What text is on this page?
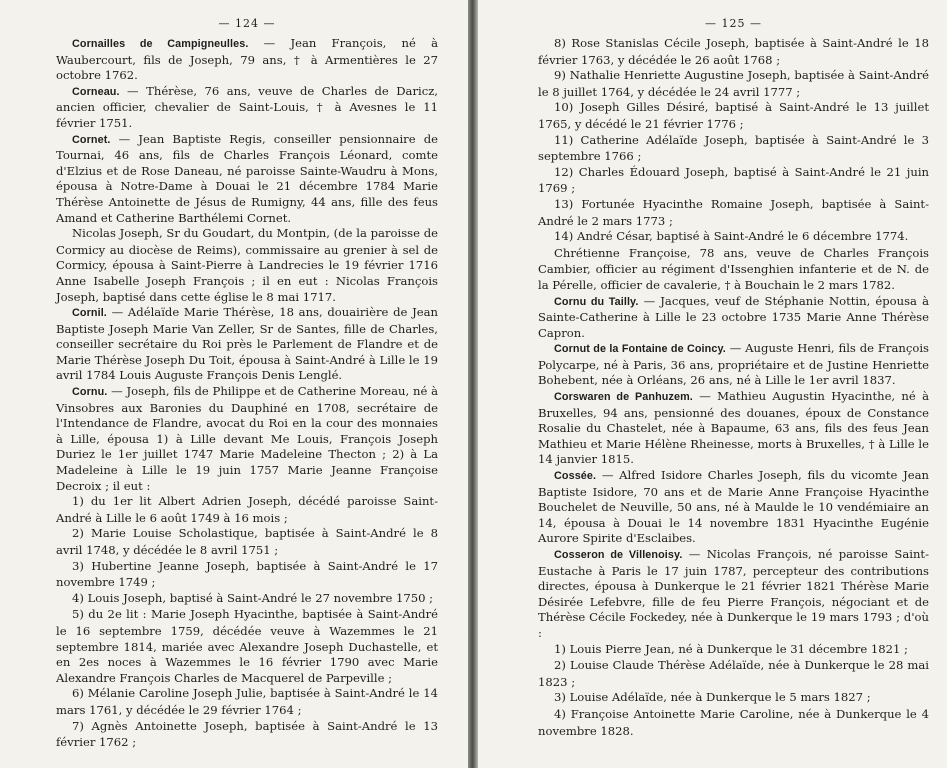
— 124 —

Cornailles de Campigneulles. — Jean François, né à Waubercourt, fils de Joseph, 79 ans, † à Armentières le 27 octobre 1762.

Corneau. — Thérèse, 76 ans, veuve de Charles de Daricz, ancien officier, chevalier de Saint-Louis, † à Avesnes le 11 février 1751.

Cornet. — Jean Baptiste Regis, conseiller pensionnaire de Tournai, 46 ans, fils de Charles François Léonard, comte d'Elzius et de Rose Daneau, né paroisse Sainte-Waudru à Mons, épousa à Notre-Dame à Douai le 21 décembre 1784 Marie Thérèse Antoinette de Jésus de Rumigny, 44 ans, fille des feus Amand et Catherine Barthélemi Cornet.

Nicolas Joseph, Sr du Goudart, du Montpin, (de la paroisse de Cormicy au diocèse de Reims), commissaire au grenier à sel de Cormicy, épousa à Saint-Pierre à Landrecies le 19 février 1716 Anne Isabelle Joseph François ; il en eut : Nicolas François Joseph, baptisé dans cette église le 8 mai 1717.

Cornil. — Adélaïde Marie Thérèse, 18 ans, douairière de Jean Baptiste Joseph Marie Van Zeller, Sr de Santes, fille de Charles, conseiller secrétaire du Roi près le Parlement de Flandre et de Marie Thérèse Joseph Du Toit, épousa à Saint-André à Lille le 19 avril 1784 Louis Auguste François Denis Lenglé.

Cornu. — Joseph, fils de Philippe et de Catherine Moreau, né à Vinsobres aux Baronies du Dauphiné en 1708, secrétaire de l'Intendance de Flandre, avocat du Roi en la cour des monnaies à Lille, épousa 1) à Lille devant Me Louis, François Joseph Duriez le 1er juillet 1747 Marie Madeleine Thecton ; 2) à La Madeleine à Lille le 19 juin 1757 Marie Jeanne Françoise Decroix ; il eut :

1) du 1er lit Albert Adrien Joseph, décédé paroisse Saint-André à Lille le 6 août 1749 à 16 mois ;

2) Marie Louise Scholastique, baptisée à Saint-André le 8 avril 1748, y décédée le 8 avril 1751 ;

3) Hubertine Jeanne Joseph, baptisée à Saint-André le 17 novembre 1749 ;

4) Louis Joseph, baptisé à Saint-André le 27 novembre 1750 ;

5) du 2e lit : Marie Joseph Hyacinthe, baptisée à Saint-André le 16 septembre 1759, décédée veuve à Wazemmes le 21 septembre 1814, mariée avec Alexandre Joseph Duchastelle, et en 2es noces à Wazemmes le 16 février 1790 avec Marie Alexandre François Charles de Macquerel de Parpeville ;

6) Mélanie Caroline Joseph Julie, baptisée à Saint-André le 14 mars 1761, y décédée le 29 février 1764 ;

7) Agnès Antoinette Joseph, baptisée à Saint-André le 13 février 1762 ;

— 125 —

8) Rose Stanislas Cécile Joseph, baptisée à Saint-André le 18 février 1763, y décédée le 26 août 1768 ;

9) Nathalie Henriette Augustine Joseph, baptisée à Saint-André le 8 juillet 1764, y décédée le 24 avril 1777 ;

10) Joseph Gilles Désiré, baptisé à Saint-André le 13 juillet 1765, y décédé le 21 février 1776 ;

11) Catherine Adélaïde Joseph, baptisée à Saint-André le 3 septembre 1766 ;

12) Charles Édouard Joseph, baptisé à Saint-André le 21 juin 1769 ;

13) Fortunée Hyacinthe Romaine Joseph, baptisée à Saint-André le 2 mars 1773 ;

14) André César, baptisé à Saint-André le 6 décembre 1774.

Chrétienne Françoise, 78 ans, veuve de Charles François Cambier, officier au régiment d'Issenghien infanterie et de N. de la Pérelle, officier de cavalerie, † à Bouchain le 2 mars 1782.

Cornu du Tailly. — Jacques, veuf de Stéphanie Nottin, épousa à Sainte-Catherine à Lille le 23 octobre 1735 Marie Anne Thérèse Capron.

Cornut de la Fontaine de Coincy. — Auguste Henri, fils de François Polycarpe, né à Paris, 36 ans, propriétaire et de Justine Henriette Bohebent, née à Orléans, 26 ans, né à Lille le 1er avril 1837.

Corswaren de Panhuzem. — Mathieu Augustin Hyacinthe, né à Bruxelles, 94 ans, pensionné des douanes, époux de Constance Rosalie du Chastelet, née à Bapaume, 63 ans, fils des feus Jean Mathieu et Marie Hélène Rheinesse, morts à Bruxelles, † à Lille le 14 janvier 1815.

Cossée. — Alfred Isidore Charles Joseph, fils du vicomte Jean Baptiste Isidore, 70 ans et de Marie Anne Françoise Hyacinthe Bouchelet de Neuville, 50 ans, né à Maulde le 10 vendémiaire an 14, épousa à Douai le 14 novembre 1831 Hyacinthe Eugénie Aurore Spirite d'Esclaibes.

Cosseron de Villenoisy. — Nicolas François, né paroisse Saint-Eustache à Paris le 17 juin 1787, percepteur des contributions directes, épousa à Dunkerque le 21 février 1821 Thérèse Marie Désirée Lefebvre, fille de feu Pierre François, négociant et de Thérèse Cécile Fockedey, née à Dunkerque le 19 mars 1793 ; d'où :

1) Louis Pierre Jean, né à Dunkerque le 31 décembre 1821 ;

2) Louise Claude Thérèse Adélaïde, née à Dunkerque le 28 mai 1823 ;

3) Louise Adélaïde, née à Dunkerque le 5 mars 1827 ;

4) Françoise Antoinette Marie Caroline, née à Dunkerque le 4 novembre 1828.
